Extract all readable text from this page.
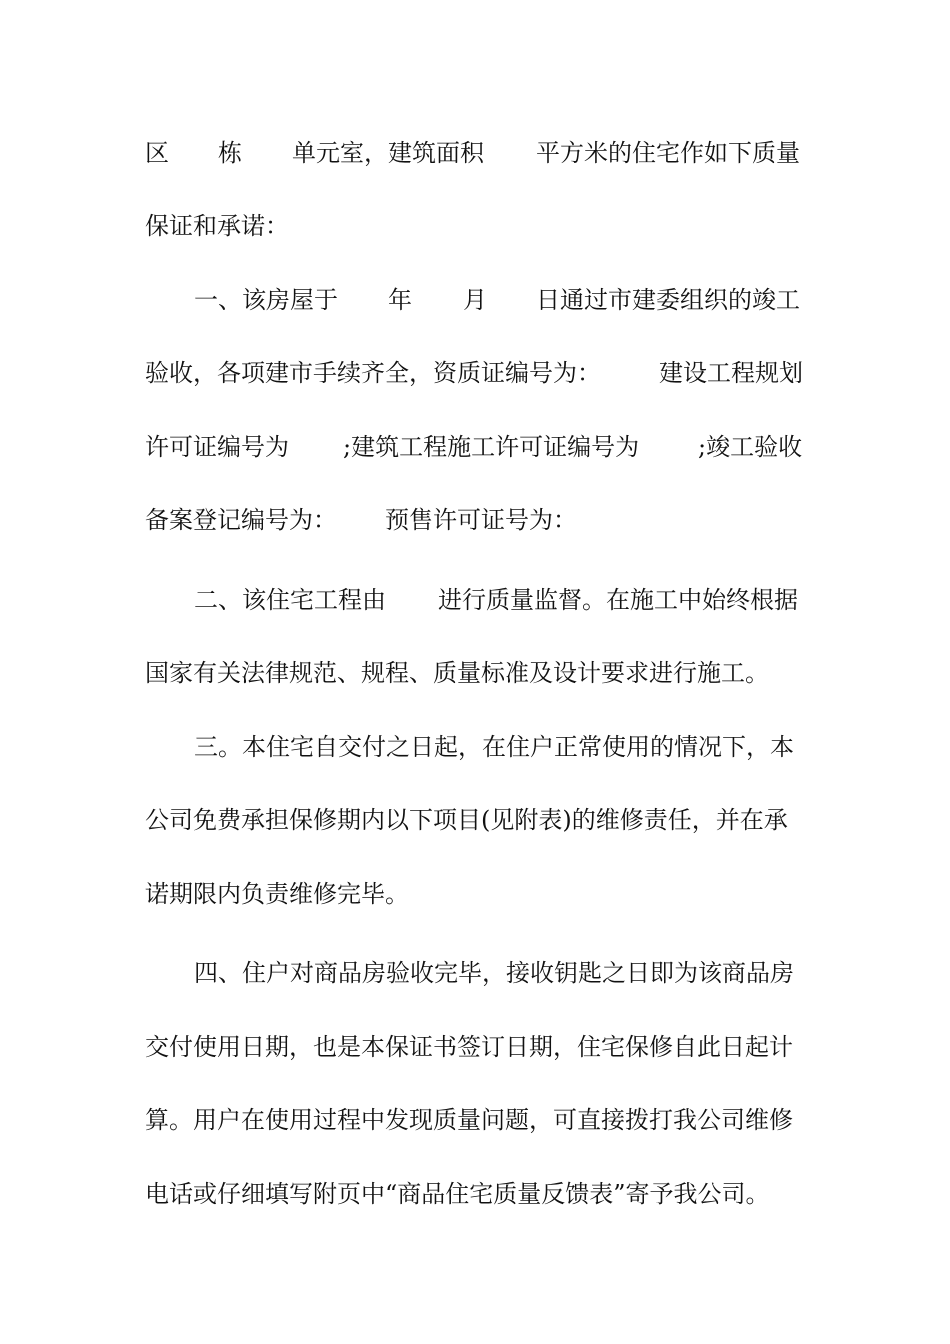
区

栋

单元室，建筑面积

平方米的住宅作如下质量

保证和承诺：

一、该房屋于

年

月

日通过市建委组织的竣工

验收，各项建市手续齐全，资质证编号为：

建设工程规划

许可证编号为

;建筑工程施工许可证编号为

;竣工验收

备案登记编号为：

预售许可证号为：

二、该住宅工程由

进行质量监督。在施工中始终根据

国家有关法律规范、规程、质量标准及设计要求进行施工。

三。本住宅自交付之日起，在住户正常使用的情况下，本

公司免费承担保修期内以下项目(见附表)的维修责任，并在承

诺期限内负责维修完毕。

四、住户对商品房验收完毕，接收钥匙之日即为该商品房

交付使用日期，也是本保证书签订日期，住宅保修自此日起计

算。用户在使用过程中发现质量问题，可直接拨打我公司维修

电话或仔细填写附页中“商品住宅质量反馈表”寄予我公司。
